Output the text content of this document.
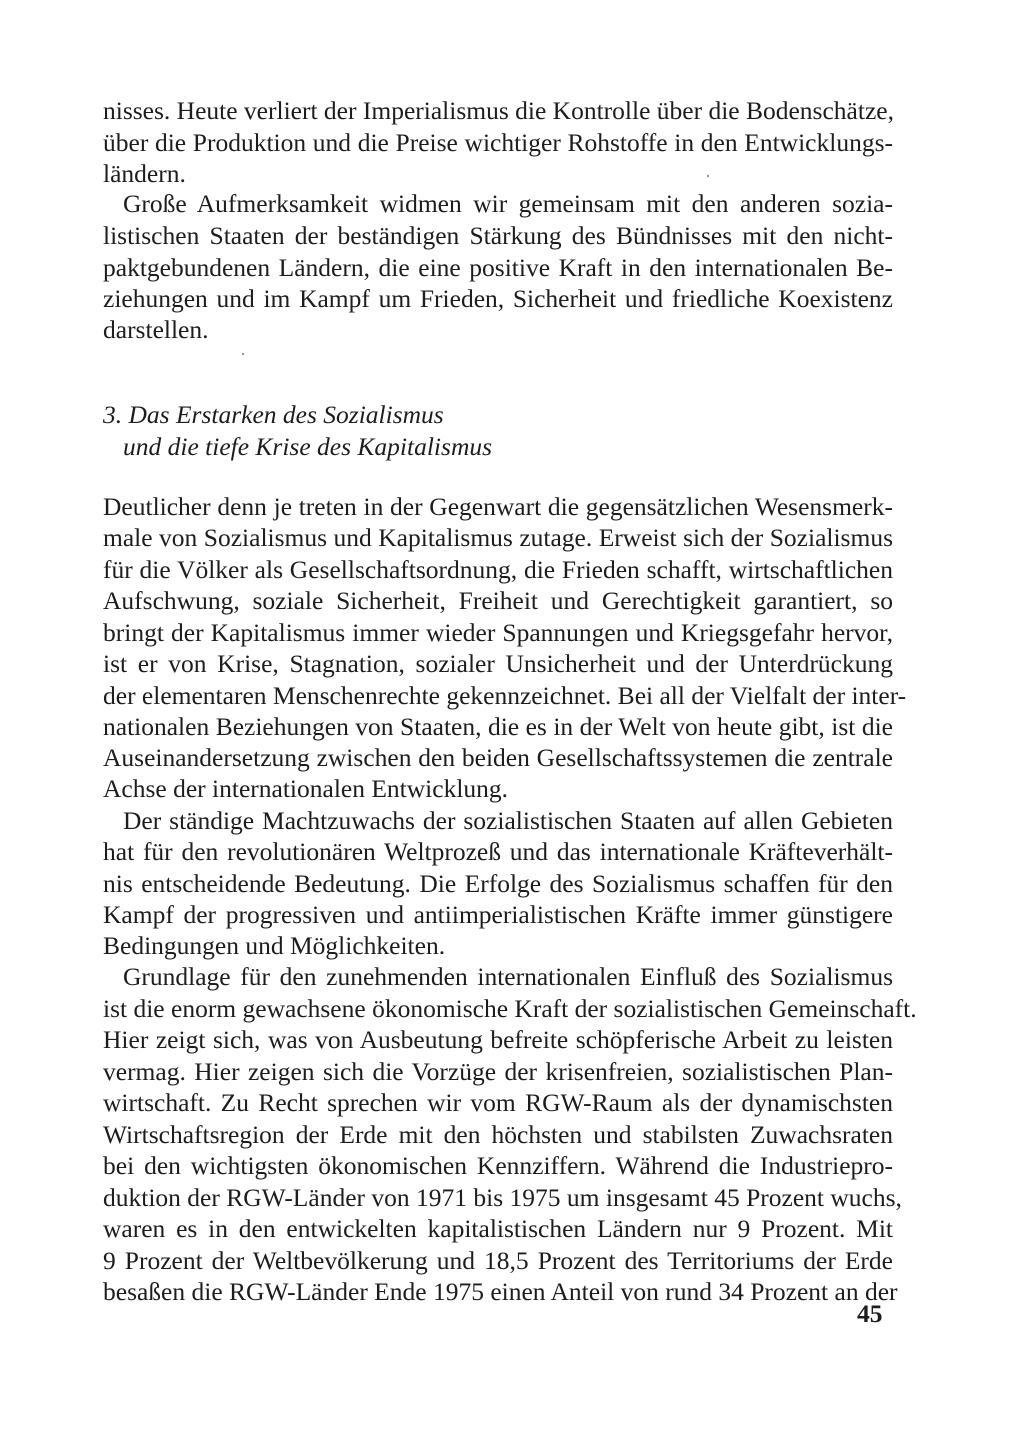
nisses. Heute verliert der Imperialismus die Kontrolle über die Bodenschätze,
über die Produktion und die Preise wichtiger Rohstoffe in den Entwicklungs-
ländern.
Große Aufmerksamkeit widmen wir gemeinsam mit den anderen sozia-
listischen Staaten der beständigen Stärkung des Bündnisses mit den nicht-
paktgebundenen Ländern, die eine positive Kraft in den internationalen Be-
ziehungen und im Kampf um Frieden, Sicherheit und friedliche Koexistenz
darstellen.
3. Das Erstarken des Sozialismus
und die tiefe Krise des Kapitalismus
Deutlicher denn je treten in der Gegenwart die gegensätzlichen Wesensmerk-
male von Sozialismus und Kapitalismus zutage. Erweist sich der Sozialismus
für die Völker als Gesellschaftsordnung, die Frieden schafft, wirtschaftlichen
Aufschwung, soziale Sicherheit, Freiheit und Gerechtigkeit garantiert, so
bringt der Kapitalismus immer wieder Spannungen und Kriegsgefahr hervor,
ist er von Krise, Stagnation, sozialer Unsicherheit und der Unterdrückung
der elementaren Menschenrechte gekennzeichnet. Bei all der Vielfalt der inter-
nationalen Beziehungen von Staaten, die es in der Welt von heute gibt, ist die
Auseinandersetzung zwischen den beiden Gesellschaftssystemen die zentrale
Achse der internationalen Entwicklung.
Der ständige Machtzuwachs der sozialistischen Staaten auf allen Gebieten
hat für den revolutionären Weltprozeß und das internationale Kräfteverhält-
nis entscheidende Bedeutung. Die Erfolge des Sozialismus schaffen für den
Kampf der progressiven und antiimperialistischen Kräfte immer günstigere
Bedingungen und Möglichkeiten.
Grundlage für den zunehmenden internationalen Einfluß des Sozialismus
ist die enorm gewachsene ökonomische Kraft der sozialistischen Gemeinschaft.
Hier zeigt sich, was von Ausbeutung befreite schöpferische Arbeit zu leisten
vermag. Hier zeigen sich die Vorzüge der krisenfreien, sozialistischen Plan-
wirtschaft. Zu Recht sprechen wir vom RGW-Raum als der dynamischsten
Wirtschaftsregion der Erde mit den höchsten und stabilsten Zuwachsraten
bei den wichtigsten ökonomischen Kennziffern. Während die Industriepro-
duktion der RGW-Länder von 1971 bis 1975 um insgesamt 45 Prozent wuchs,
waren es in den entwickelten kapitalistischen Ländern nur 9 Prozent. Mit
9 Prozent der Weltbevölkerung und 18,5 Prozent des Territoriums der Erde
besaßen die RGW-Länder Ende 1975 einen Anteil von rund 34 Prozent an der
45
